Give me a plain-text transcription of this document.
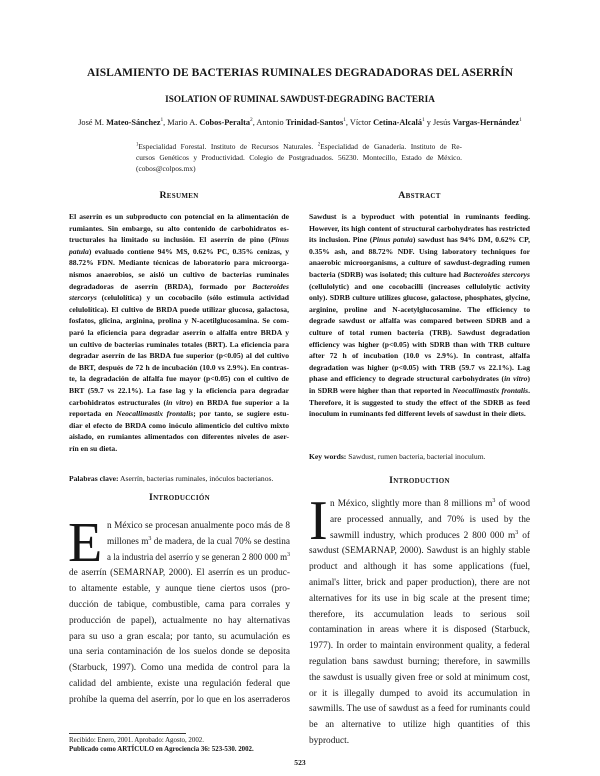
AISLAMIENTO DE BACTERIAS RUMINALES DEGRADADORAS DEL ASERRÍN
ISOLATION OF RUMINAL SAWDUST-DEGRADING BACTERIA
José M. Mateo-Sánchez$^1$, Mario A. Cobos-Peralta$^2$, Antonio Trinidad-Santos$^1$, Víctor Cetina-Alcalá$^1$ y Jesús Vargas-Hernández$^1$
$^1$Especialidad Forestal. Instituto de Recursos Naturales. $^2$Especialidad de Ganadería. Instituto de Re-
cursos Genéticos y Productividad. Colegio de Postgraduados. 56230. Montecillo, Estado de México.
(cobos@colpos.mx)
Resumen
El aserrín es un subproducto con potencial en la alimentación de
rumiantes. Sin embargo, su alto contenido de carbohidratos es-
tructurales ha limitado su inclusión. El aserrín de pino (Pinus
patula) evaluado contiene 94% MS, 0.62% PC, 0.35% cenizas, y
88.72% FDN. Mediante técnicas de laboratorio para microorga-
nismos anaerobios, se aisló un cultivo de bacterias ruminales
degradadoras de aserrín (BRDA), formado por Bacteroides
stercorys (celulolítica) y un cocobacilo (sólo estimula actividad
celulolítica). El cultivo de BRDA puede utilizar glucosa, galactosa,
fosfatos, glicina, arginina, prolina y N-acetilglucosamina. Se com-
paró la eficiencia para degradar aserrín o alfalfa entre BRDA y
un cultivo de bacterias ruminales totales (BRT). La eficiencia para
degradar aserrín de las BRDA fue superior (p<0.05) al del cultivo
de BRT, después de 72 h de incubación (10.0 vs 2.9%). En contras-
te, la degradación de alfalfa fue mayor (p<0.05) con el cultivo de
BRT (59.7 vs 22.1%). La fase lag y la eficiencia para degradar
carbohidratos estructurales (in vitro) en BRDA fue superior a la
reportada en Neocallimastix frontalis; por tanto, se sugiere estu-
diar el efecto de BRDA como inóculo alimenticio del cultivo mixto
aislado, en rumiantes alimentados con diferentes niveles de aser-
rín en su dieta.
Palabras clave: Aserrín, bacterias ruminales, inóculos bacterianos.
Abstract
Sawdust is a byproduct with potential in ruminants feeding.
However, its high content of structural carbohydrates has restricted
its inclusion. Pine (Pinus patula) sawdust has 94% DM, 0.62% CP,
0.35% ash, and 88.72% NDF. Using laboratory techniques for
anaerobic microorganisms, a culture of sawdust-degrading rumen
bacteria (SDRB) was isolated; this culture had Bacteroides stercorys
(cellulolytic) and one cocobacilli (increases cellulolytic activity
only). SDRB culture utilizes glucose, galactose, phosphates, glycine,
arginine, proline and N-acetylglucosamine. The efficiency to
degrade sawdust or alfalfa was compared between SDRB and a
culture of total rumen bacteria (TRB). Sawdust degradation
efficiency was higher (p<0.05) with SDRB than with TRB culture
after 72 h of incubation (10.0 vs 2.9%). In contrast, alfalfa
degradation was higher (p<0.05) with TRB (59.7 vs 22.1%). Lag
phase and efficiency to degrade structural carbohydrates (in vitro)
in SDRB were higher than that reported in Neocallimastix frontalis.
Therefore, it is suggested to study the effect of the SDRB as feed
inoculum in ruminants fed different levels of sawdust in their diets.
Key words: Sawdust, rumen bacteria, bacterial inoculum.
Introducción
E n México se procesan anualmente poco más de 8
millones $m^3$ de madera, de la cual 70% se destina
a la industria del aserrío y se generan 2 800 000 $m^3$
de aserrín (SEMARNAP, 2000). El aserrín es un produc-
to altamente estable, y aunque tiene ciertos usos (pro-
ducción de tabique, combustible, cama para corrales y
producción de papel), actualmente no hay alternativas
para su uso a gran escala; por tanto, su acumulación es
una seria contaminación de los suelos donde se deposita
(Starbuck, 1997). Como una medida de control para la
calidad del ambiente, existe una regulación federal que
prohíbe la quema del aserrín, por lo que en los aserraderos
Introduction
I n México, slightly more than 8 millions $m^3$ of wood
are processed annually, and 70% is used by the
sawmill industry, which produces 2 800 000 $m^3$ of
sawdust (SEMARNAP, 2000). Sawdust is an highly stable
product and although it has some applications (fuel,
animal's litter, brick and paper production), there are not
alternatives for its use in big scale at the present time;
therefore, its accumulation leads to serious soil
contamination in areas where it is disposed (Starbuck,
1977). In order to maintain environment quality, a federal
regulation bans sawdust burning; therefore, in sawmills
the sawdust is usually given free or sold at minimum cost,
or it is illegally dumped to avoid its accumulation in
sawmills. The use of sawdust as a feed for ruminants could
be an alternative to utilize high quantities of this
byproduct.
Recibido: Enero, 2001. Aprobado: Agosto, 2002.
Publicado como ARTÍCULO en Agrociencia 36: 523-530. 2002.
523
